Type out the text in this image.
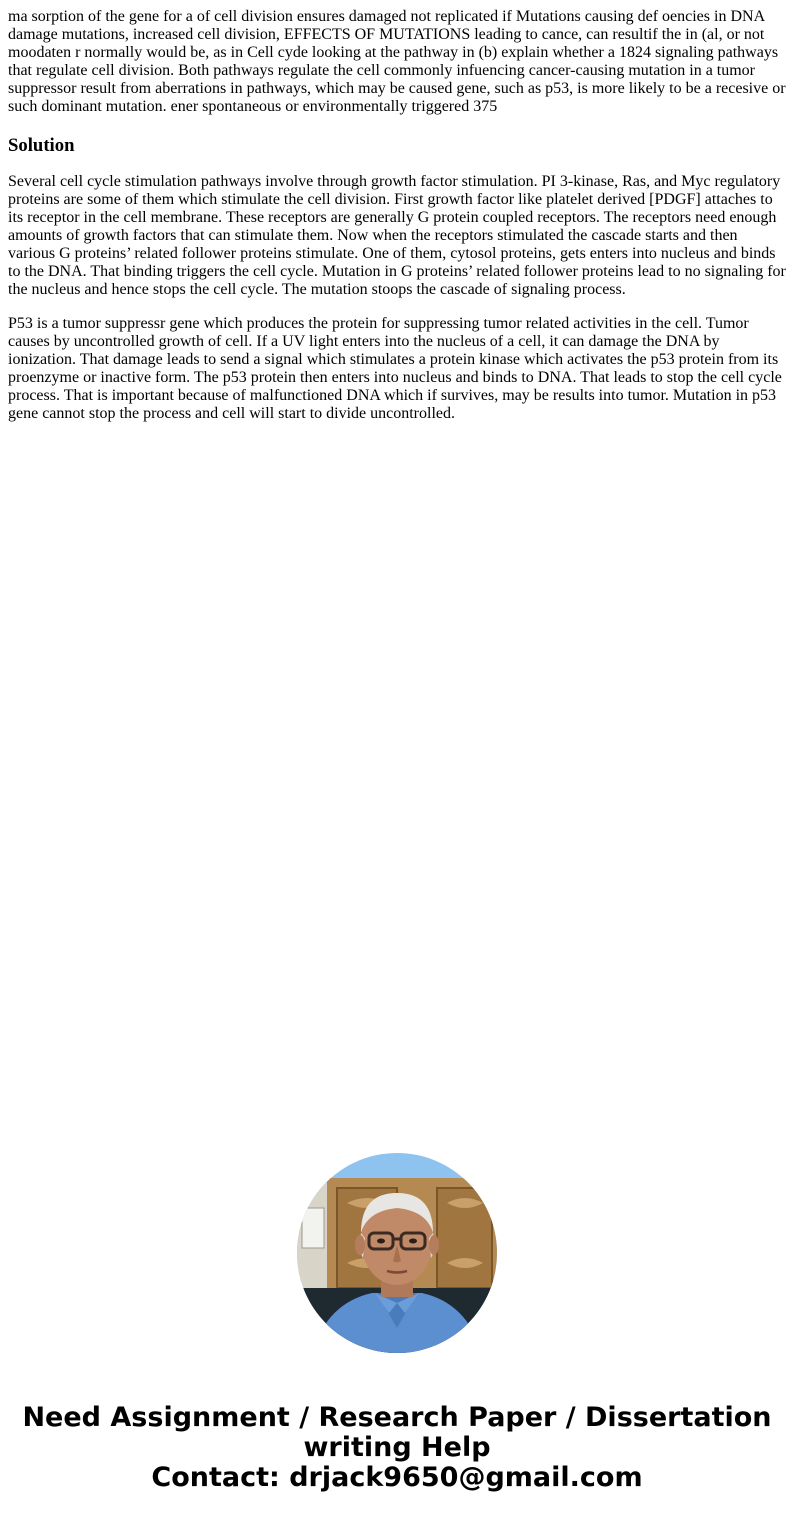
ma sorption of the gene for a of cell division ensures damaged not replicated if Mutations causing def oencies in DNA damage mutations, increased cell division, EFFECTS OF MUTATIONS leading to cance, can resultif the in (al, or not moodaten r normally would be, as in Cell cyde looking at the pathway in (b) explain whether a 1824 signaling pathways that regulate cell division. Both pathways regulate the cell commonly infuencing cancer-causing mutation in a tumor suppressor result from aberrations in pathways, which may be caused gene, such as p53, is more likely to be a recesive or such dominant mutation. ener spontaneous or environmentally triggered 375

Solution

Several cell cycle stimulation pathways involve through growth factor stimulation. PI 3-kinase, Ras, and Myc regulatory proteins are some of them which stimulate the cell division. First growth factor like platelet derived [PDGF] attaches to its receptor in the cell membrane. These receptors are generally G protein coupled receptors. The receptors need enough amounts of growth factors that can stimulate them. Now when the receptors stimulated the cascade starts and then various G proteins’ related follower proteins stimulate. One of them, cytosol proteins, gets enters into nucleus and binds to the DNA. That binding triggers the cell cycle. Mutation in G proteins’ related follower proteins lead to no signaling for the nucleus and hence stops the cell cycle. The mutation stoops the cascade of signaling process.

P53 is a tumor suppressr gene which produces the protein for suppressing tumor related activities in the cell. Tumor causes by uncontrolled growth of cell. If a UV light enters into the nucleus of a cell, it can damage the DNA by ionization. That damage leads to send a signal which stimulates a protein kinase which activates the p53 protein from its proenzyme or inactive form. The p53 protein then enters into nucleus and binds to DNA. That leads to stop the cell cycle process. That is important because of malfunctioned DNA which if survives, may be results into tumor. Mutation in p53 gene cannot stop the process and cell will start to divide uncontrolled.

Need Assignment / Research Paper / Dissertation
writing Help
Contact: drjack9650@gmail.com
